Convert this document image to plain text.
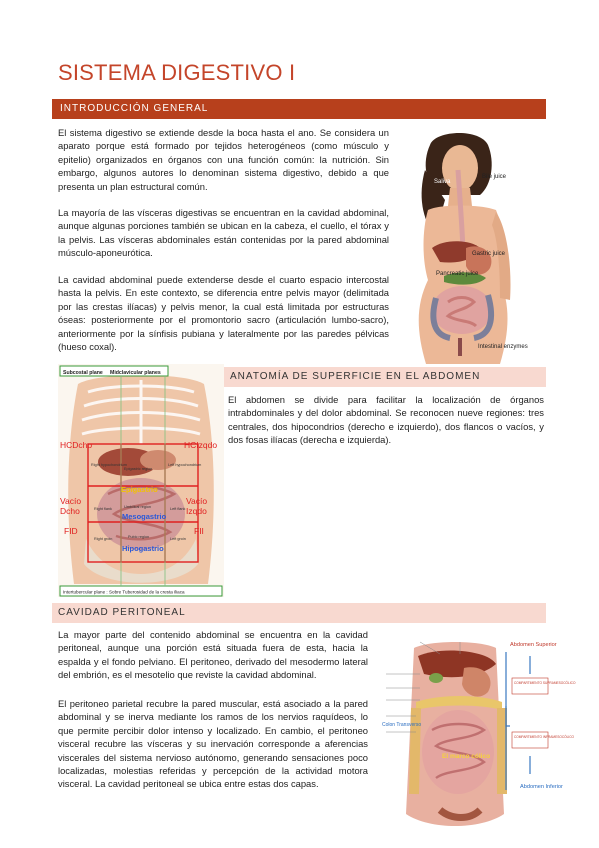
SISTEMA DIGESTIVO I
INTRODUCCIÓN GENERAL

El sistema digestivo se extiende desde la boca hasta el ano. Se considera un aparato porque está formado por tejidos heterogéneos (como músculo y epitelio) organizados en órganos con una función común: la nutrición. Sin embargo, algunos autores lo denominan sistema digestivo, debido a que presenta un plan estructural común.

La mayoría de las vísceras digestivas se encuentran en la cavidad abdominal, aunque algunas porciones también se ubican en la cabeza, el cuello, el tórax y la pelvis. Las vísceras abdominales están contenidas por la pared abdominal músculo-aponeurótica.

La cavidad abdominal puede extenderse desde el cuarto espacio intercostal hasta la pelvis. En este contexto, se diferencia entre pelvis mayor (delimitada por las crestas ilíacas) y pelvis menor, la cual está limitada por estructuras óseas: posteriormente por el promontorio sacro (articulación lumbo-sacro), anteriormente por la sínfisis pubiana y lateralmente por las paredes pélvicas (hueso coxal).

Saliva
Bile juice
Gastric juice
Pancreatic juice
Intestinal enzymes
Subcostal plane Midclavicular planes
Intertubercular plane : Sobre Tuberosidad de la cresta iliaca
HCDcho	HCIzqdo
Vacío
Dcho
Vacío
Izqdo
FID	FII
Epigastric region
Umbilical region
Pubic region
Right hypochondrium	Left hypochondrium
Right flank	Left flank
Right groin	Left groin
Epigastrio
Mesogastrio
Hipogastrio
ANATOMÍA DE SUPERFICIE EN EL ABDOMEN

El abdomen se divide para facilitar la localización de órganos intrabdominales y del dolor abdominal. Se reconocen nueve regiones: tres centrales, dos hipocondrios (derecho e izquierdo), dos flancos o vacíos, y dos fosas ilíacas (derecha e izquierda).

CAVIDAD PERITONEAL

La mayor parte del contenido abdominal se encuentra en la cavidad peritoneal, aunque una porción está situada fuera de esta, hacia la espalda y el fondo pelviano. El peritoneo, derivado del mesodermo lateral del embrión, es el mesotelio que reviste la cavidad abdominal.

El peritoneo parietal recubre la pared muscular, está asociado a la pared abdominal y se inerva mediante los ramos de los nervios raquídeos, lo que permite percibir dolor intenso y localizado. En cambio, el peritoneo visceral recubre las vísceras y su inervación corresponde a aferencias viscerales del sistema nervioso autónomo, generando sensaciones poco localizadas, molestias referidas y percepción de la actividad motora visceral. La cavidad peritoneal se ubica entre estas dos capas.

Abdomen Superior
COMPARTIMENTO SUPRAMESOCÓLICO
COMPARTIMENTO INFRAMESOCÓLICO
Colon Transverso
El marco cólico
Abdomen Inferior
